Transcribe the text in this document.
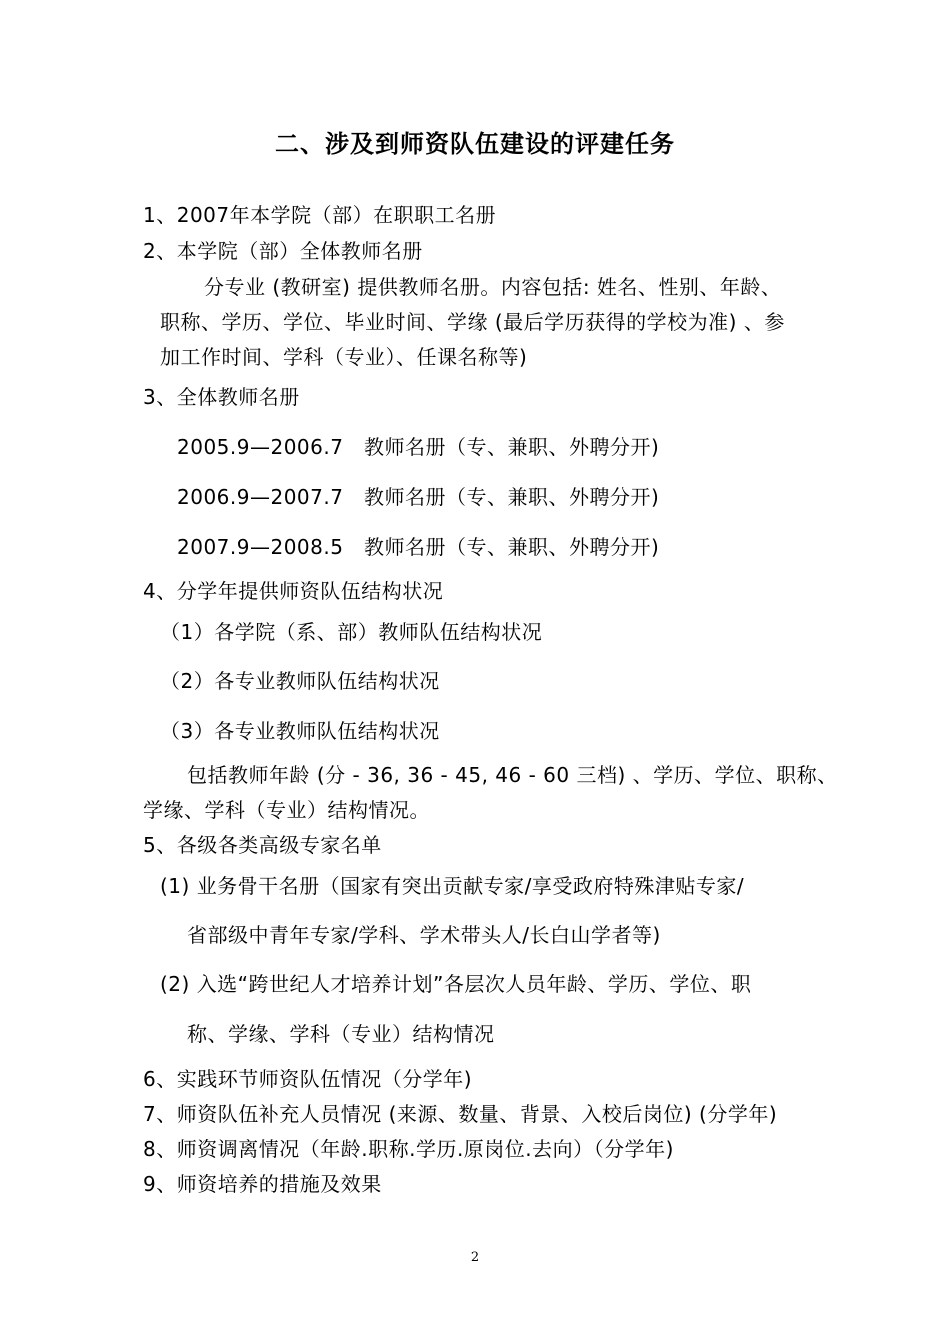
二、涉及到师资队伍建设的评建任务
1、2007年本学院（部）在职职工名册
2、本学院（部）全体教师名册
分专业 (教研室) 提供教师名册。内容包括: 姓名、性别、年龄、
职称、学历、学位、毕业时间、学缘 (最后学历获得的学校为准) 、参
加工作时间、学科（专业）、任课名称等)
3、全体教师名册
2005.9—2006.7　教师名册（专、兼职、外聘分开)
2006.9—2007.7　教师名册（专、兼职、外聘分开)
2007.9—2008.5　教师名册（专、兼职、外聘分开)
4、分学年提供师资队伍结构状况
（1）各学院（系、部）教师队伍结构状况
（2）各专业教师队伍结构状况
（3）各专业教师队伍结构状况
包括教师年龄 (分 - 36, 36 - 45, 46 - 60 三档) 、学历、学位、职称、
学缘、学科（专业）结构情况。
5、各级各类高级专家名单
(1) 业务骨干名册（国家有突出贡献专家/享受政府特殊津贴专家/
省部级中青年专家/学科、学术带头人/长白山学者等)
(2) 入选“跨世纪人才培养计划”各层次人员年龄、学历、学位、职
称、学缘、学科（专业）结构情况
6、实践环节师资队伍情况（分学年)
7、师资队伍补充人员情况 (来源、数量、背景、入校后岗位) (分学年)
8、师资调离情况（年龄.职称.学历.原岗位.去向）（分学年)
9、师资培养的措施及效果
2
